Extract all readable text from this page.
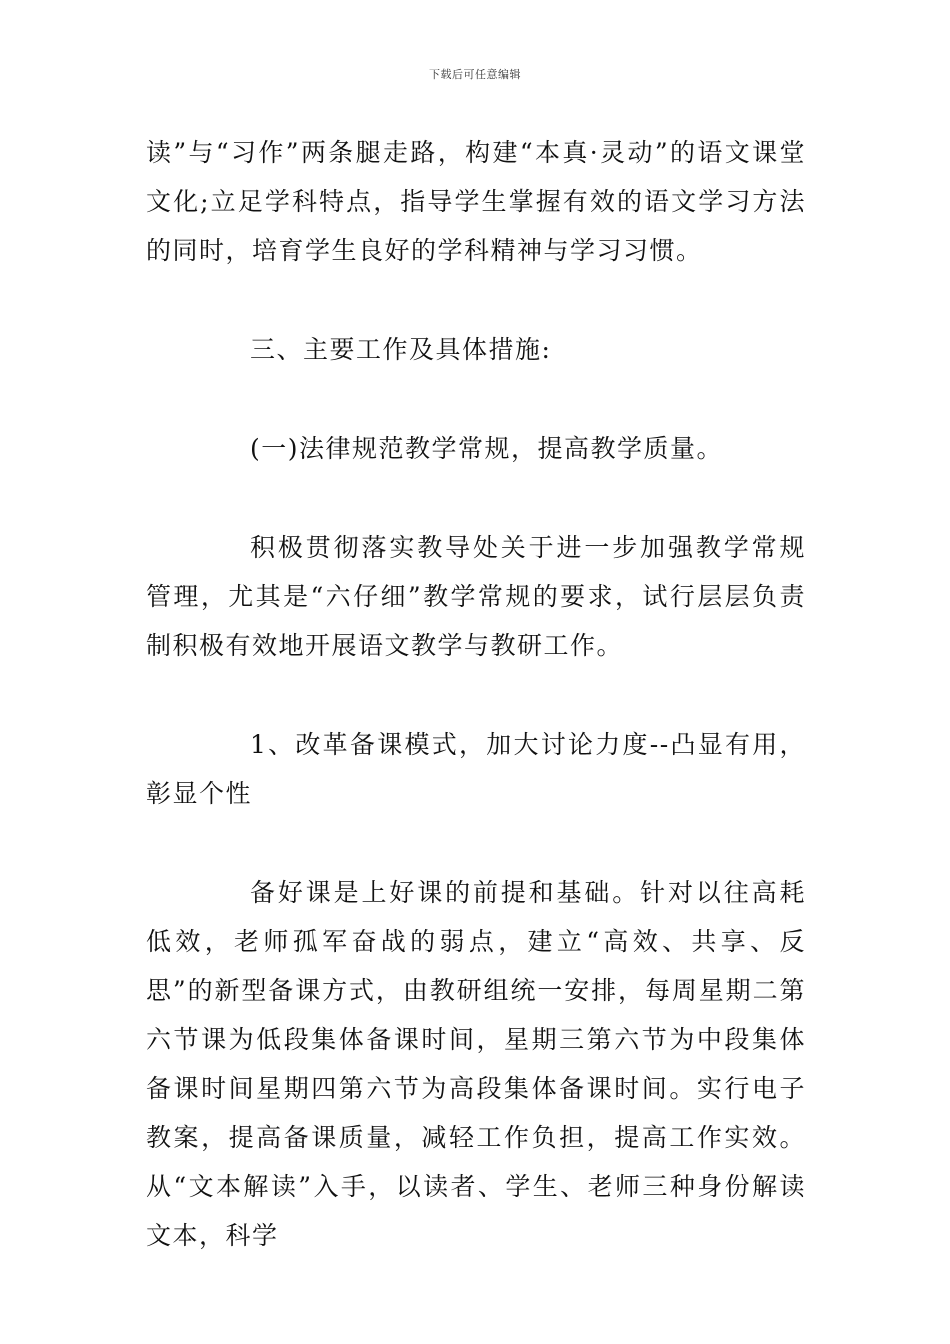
下载后可任意编辑

读”与“习作”两条腿走路，构建“本真·灵动”的语文课堂文化;立足学科特点，指导学生掌握有效的语文学习方法的同时，培育学生良好的学科精神与学习习惯。

三、主要工作及具体措施:

(一)法律规范教学常规，提高教学质量。

积极贯彻落实教导处关于进一步加强教学常规管理，尤其是“六仔细”教学常规的要求，试行层层负责制积极有效地开展语文教学与教研工作。

1、改革备课模式，加大讨论力度--凸显有用，彰显个性

备好课是上好课的前提和基础。针对以往高耗低效，老师孤军奋战的弱点，建立“高效、共享、反思”的新型备课方式，由教研组统一安排，每周星期二第六节课为低段集体备课时间，星期三第六节为中段集体备课时间星期四第六节为高段集体备课时间。实行电子教案，提高备课质量，减轻工作负担，提高工作实效。从“文本解读”入手，以读者、学生、老师三种身份解读文本，科学
